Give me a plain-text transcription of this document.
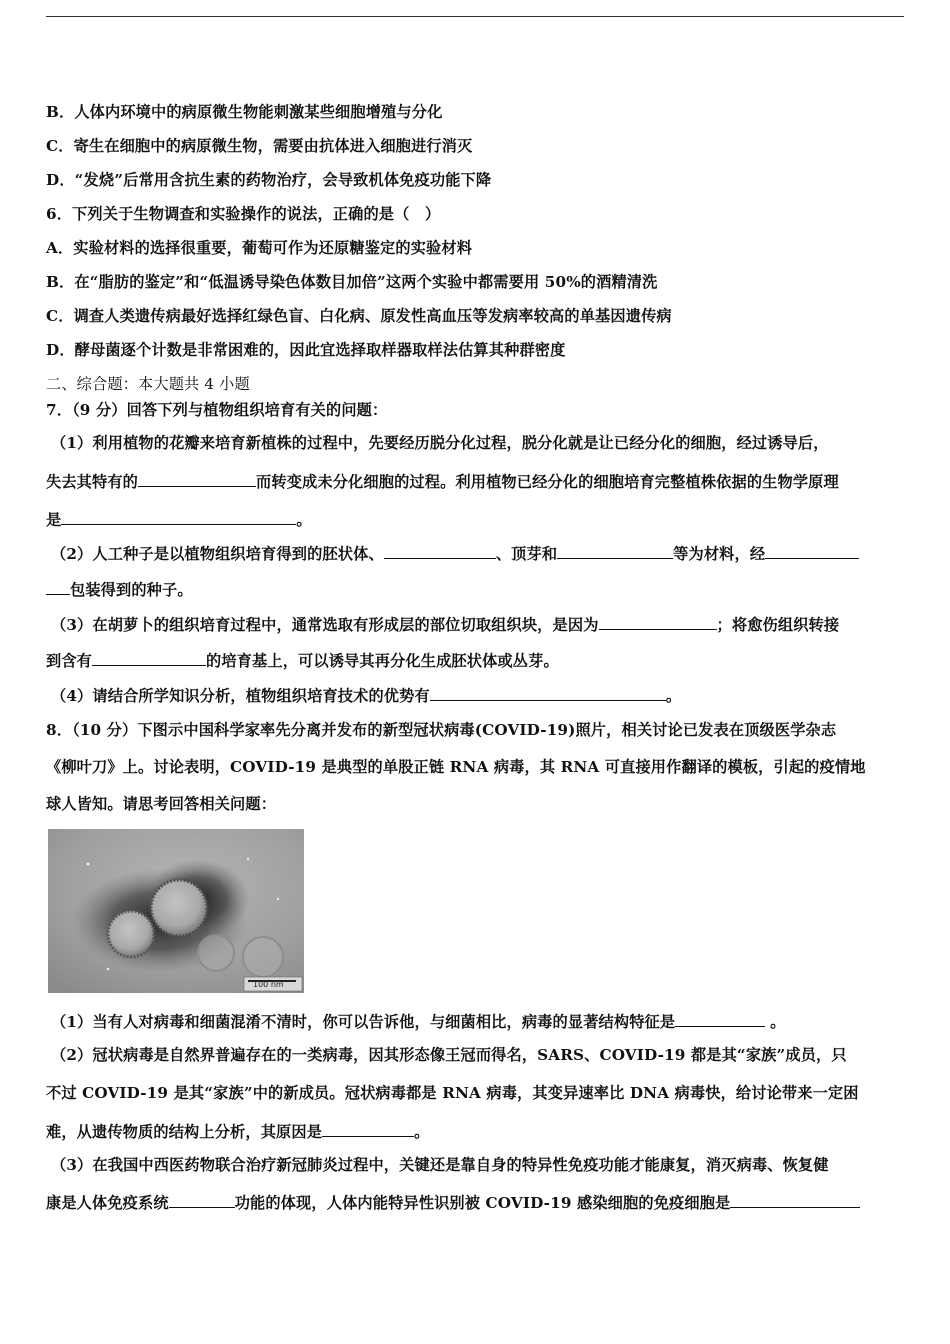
B．人体内环境中的病原微生物能刺激某些细胞增殖与分化
C．寄生在细胞中的病原微生物，需要由抗体进入细胞进行消灭
D．“发烧”后常用含抗生素的药物治疗，会导致机体免疫功能下降
6．下列关于生物调查和实验操作的说法，正确的是（　）
A．实验材料的选择很重要，葡萄可作为还原糖鉴定的实验材料
B．在“脂肪的鉴定”和“低温诱导染色体数目加倍”这两个实验中都需要用 50%的酒精清洗
C．调查人类遗传病最好选择红绿色盲、白化病、原发性高血压等发病率较高的单基因遗传病
D．酵母菌逐个计数是非常困难的，因此宜选择取样器取样法估算其种群密度
二、综合题：本大题共 4 小题
7．（9 分）回答下列与植物组织培育有关的问题：
（1）利用植物的花瓣来培育新植株的过程中，先要经历脱分化过程，脱分化就是让已经分化的细胞，经过诱导后，
失去其特有的	而转变成未分化细胞的过程。利用植物已经分化的细胞培育完整植株依据的生物学原理
是	。
（2）人工种子是以植物组织培育得到的胚状体、	、顶芽和	等为材料，经
包装得到的种子。
（3）在胡萝卜的组织培育过程中，通常选取有形成层的部位切取组织块，是因为	；将愈伤组织转接
到含有	的培育基上，可以诱导其再分化生成胚状体或丛芽。
（4）请结合所学知识分析，植物组织培育技术的优势有	。
8．（10 分）下图示中国科学家率先分离并发布的新型冠状病毒(COVID-19)照片，相关讨论已发表在顶级医学杂志
《柳叶刀》上。讨论表明，COVID-19 是典型的单股正链 RNA 病毒，其 RNA 可直接用作翻译的模板，引起的疫情地
球人皆知。请思考回答相关问题：
100 nm
（1）当有人对病毒和细菌混淆不清时，你可以告诉他，与细菌相比，病毒的显著结构特征是	。
（2）冠状病毒是自然界普遍存在的一类病毒，因其形态像王冠而得名，SARS、COVID-19 都是其“家族”成员，只
不过 COVID-19 是其“家族”中的新成员。冠状病毒都是 RNA 病毒，其变异速率比 DNA 病毒快，给讨论带来一定困
难，从遗传物质的结构上分析，其原因是	。
（3）在我国中西医药物联合治疗新冠肺炎过程中，关键还是靠自身的特异性免疫功能才能康复，消灭病毒、恢复健
康是人体免疫系统	功能的体现，人体内能特异性识别被 COVID-19 感染细胞的免疫细胞是
